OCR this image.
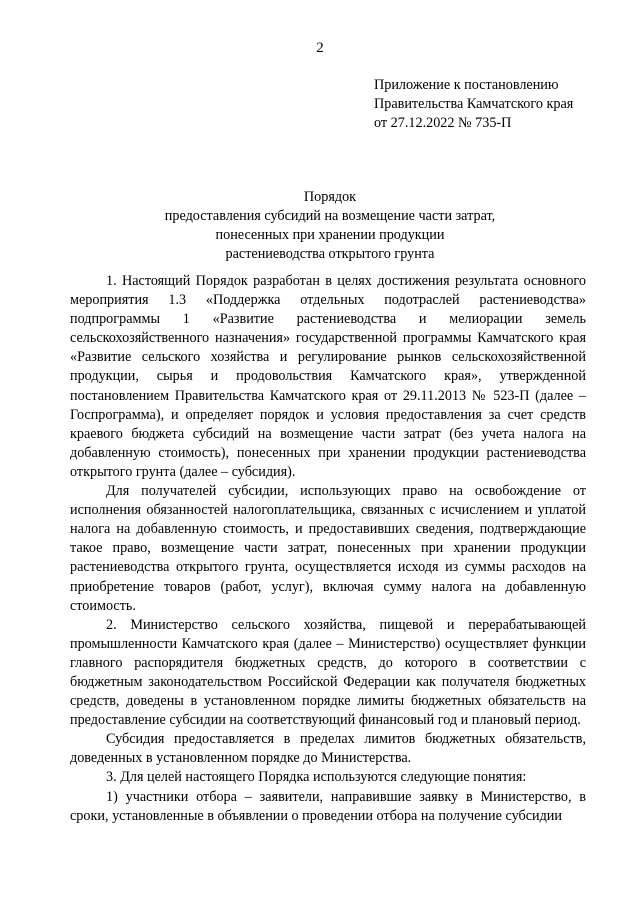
2
Приложение к постановлению
Правительства Камчатского края
от 27.12.2022 № 735-П
Порядок
предоставления субсидий на возмещение части затрат,
понесенных при хранении продукции
растениеводства открытого грунта

1. Настоящий Порядок разработан в целях достижения результата основного мероприятия 1.3 «Поддержка отдельных подотраслей растениеводства» подпрограммы 1 «Развитие растениеводства и мелиорации земель сельскохозяйственного назначения» государственной программы Камчатского края «Развитие сельского хозяйства и регулирование рынков сельскохозяйственной продукции, сырья и продовольствия Камчатского края», утвержденной постановлением Правительства Камчатского края от 29.11.2013 № 523-П (далее – Госпрограмма), и определяет порядок и условия предоставления за счет средств краевого бюджета субсидий на возмещение части затрат (без учета налога на добавленную стоимость), понесенных при хранении продукции растениеводства открытого грунта (далее – субсидия).

Для получателей субсидии, использующих право на освобождение от исполнения обязанностей налогоплательщика, связанных с исчислением и уплатой налога на добавленную стоимость, и предоставивших сведения, подтверждающие такое право, возмещение части затрат, понесенных при хранении продукции растениеводства открытого грунта, осуществляется исходя из суммы расходов на приобретение товаров (работ, услуг), включая сумму налога на добавленную стоимость.

2. Министерство сельского хозяйства, пищевой и перерабатывающей промышленности Камчатского края (далее – Министерство) осуществляет функции главного распорядителя бюджетных средств, до которого в соответствии с бюджетным законодательством Российской Федерации как получателя бюджетных средств, доведены в установленном порядке лимиты бюджетных обязательств на предоставление субсидии на соответствующий финансовый год и плановый период.

Субсидия предоставляется в пределах лимитов бюджетных обязательств, доведенных в установленном порядке до Министерства.

3. Для целей настоящего Порядка используются следующие понятия:

1) участники отбора – заявители, направившие заявку в Министерство, в сроки, установленные в объявлении о проведении отбора на получение субсидии
